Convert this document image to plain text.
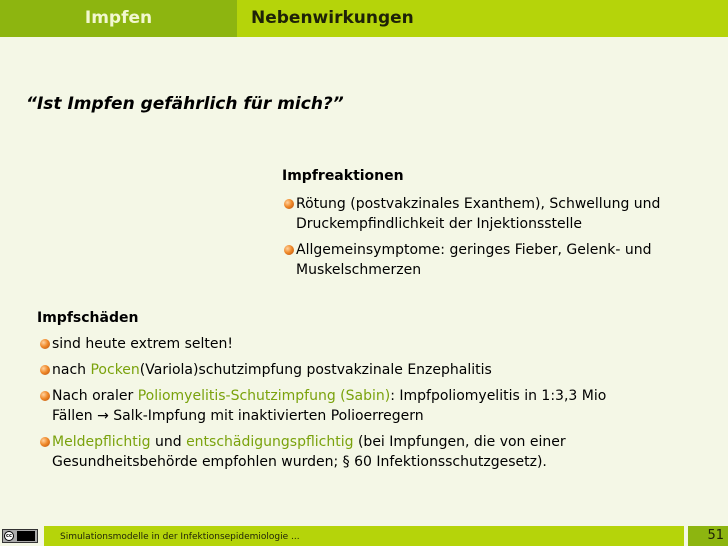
Impfen	Nebenwirkungen
“Ist Impfen gefährlich für mich?”
Impfreaktionen
Rötung (postvakzinales Exanthem), Schwellung und
Druckempfindlichkeit der Injektionsstelle
Allgemeinsymptome: geringes Fieber, Gelenk- und
Muskelschmerzen
Impfschäden
sind heute extrem selten!
nach Pocken(Variola)schutzimpfung postvakzinale Enzephalitis
Nach oraler Poliomyelitis-Schutzimpfung (Sabin): Impfpoliomyelitis in 1:3,3 Mio
Fällen → Salk-Impfung mit inaktivierten Polioerregern
Meldepflichtig und entschädigungspflichtig (bei Impfungen, die von einer
Gesundheitsbehörde empfohlen wurden; § 60 Infektionsschutzgesetz).
cc	Simulationsmodelle in der Infektionsepidemiologie ...	51
